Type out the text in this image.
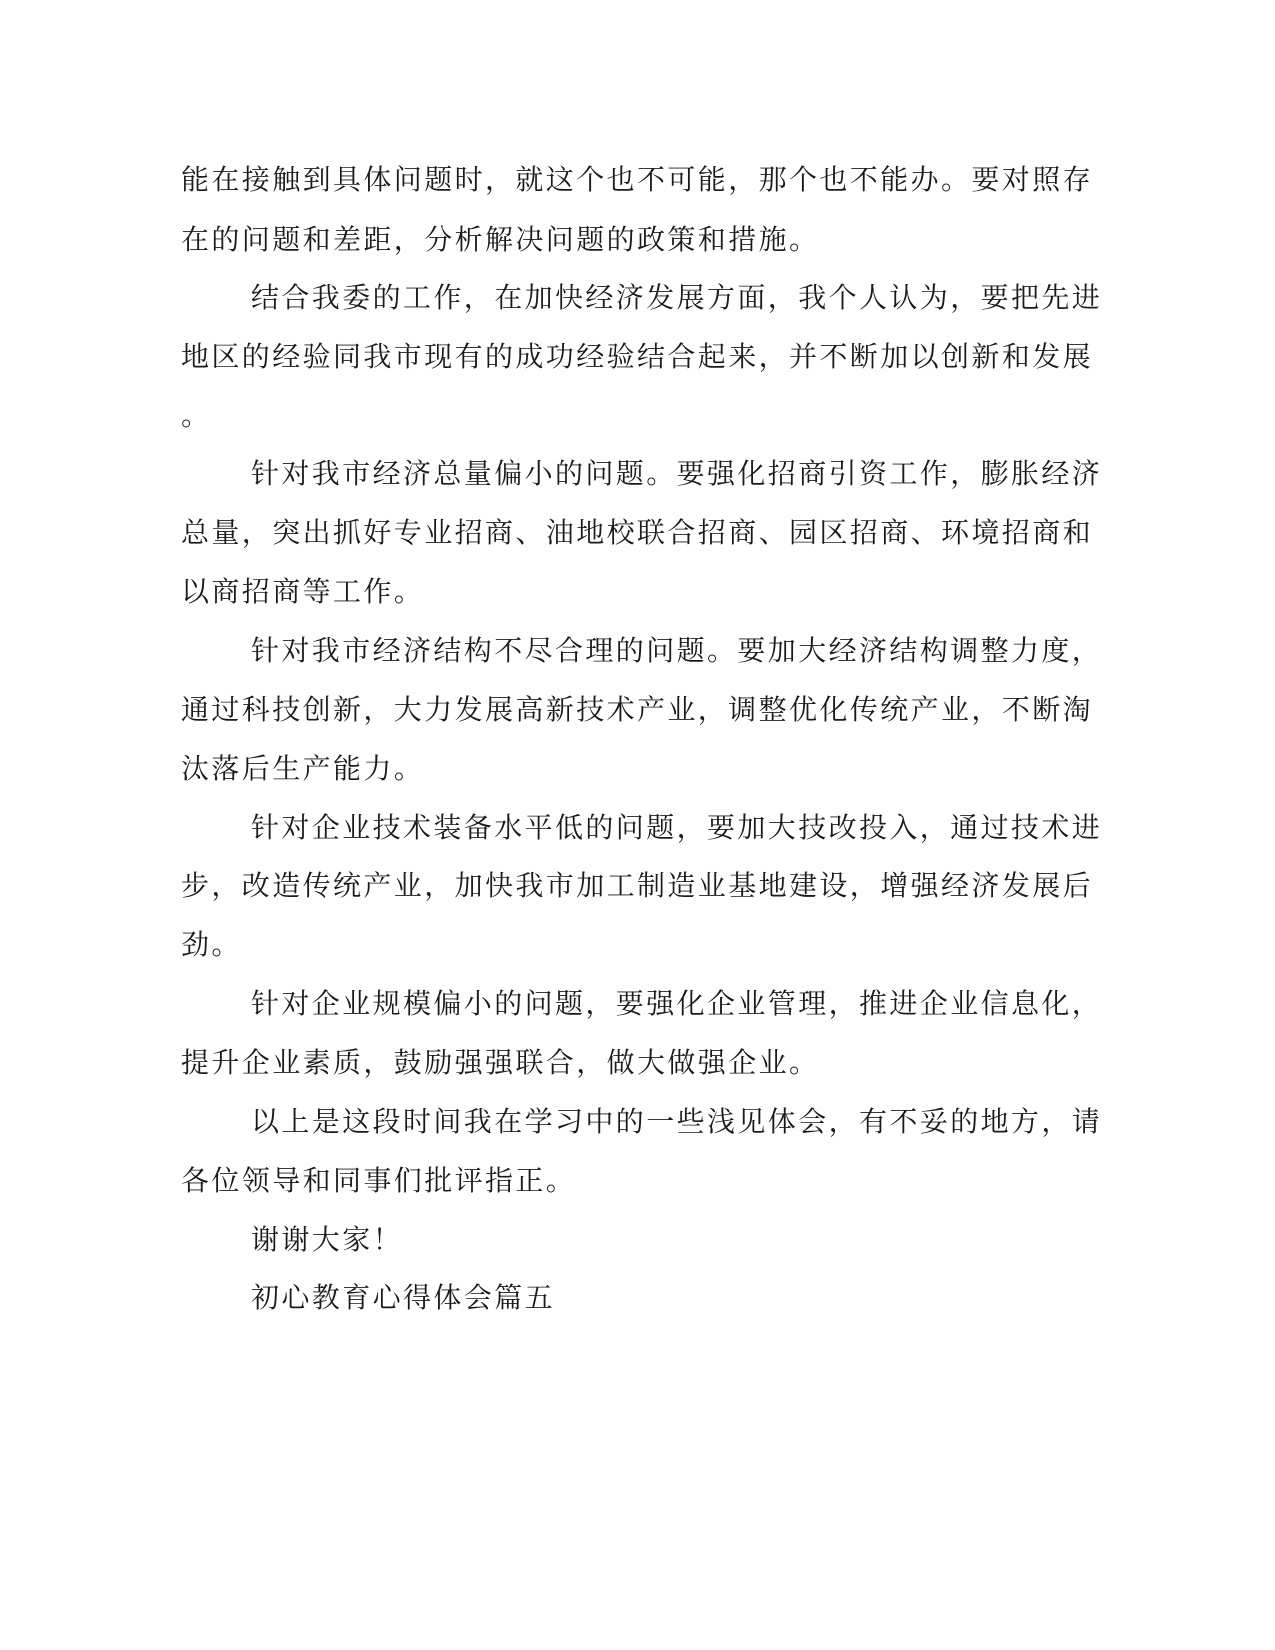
能在接触到具体问题时，就这个也不可能，那个也不能办。要对照存
在的问题和差距，分析解决问题的政策和措施。
结合我委的工作，在加快经济发展方面，我个人认为，要把先进
地区的经验同我市现有的成功经验结合起来，并不断加以创新和发展
。
针对我市经济总量偏小的问题。要强化招商引资工作，膨胀经济
总量，突出抓好专业招商、油地校联合招商、园区招商、环境招商和
以商招商等工作。
针对我市经济结构不尽合理的问题。要加大经济结构调整力度，
通过科技创新，大力发展高新技术产业，调整优化传统产业，不断淘
汰落后生产能力。
针对企业技术装备水平低的问题，要加大技改投入，通过技术进
步，改造传统产业，加快我市加工制造业基地建设，增强经济发展后
劲。
针对企业规模偏小的问题，要强化企业管理，推进企业信息化，
提升企业素质，鼓励强强联合，做大做强企业。
以上是这段时间我在学习中的一些浅见体会，有不妥的地方，请
各位领导和同事们批评指正。
谢谢大家！
初心教育心得体会篇五
